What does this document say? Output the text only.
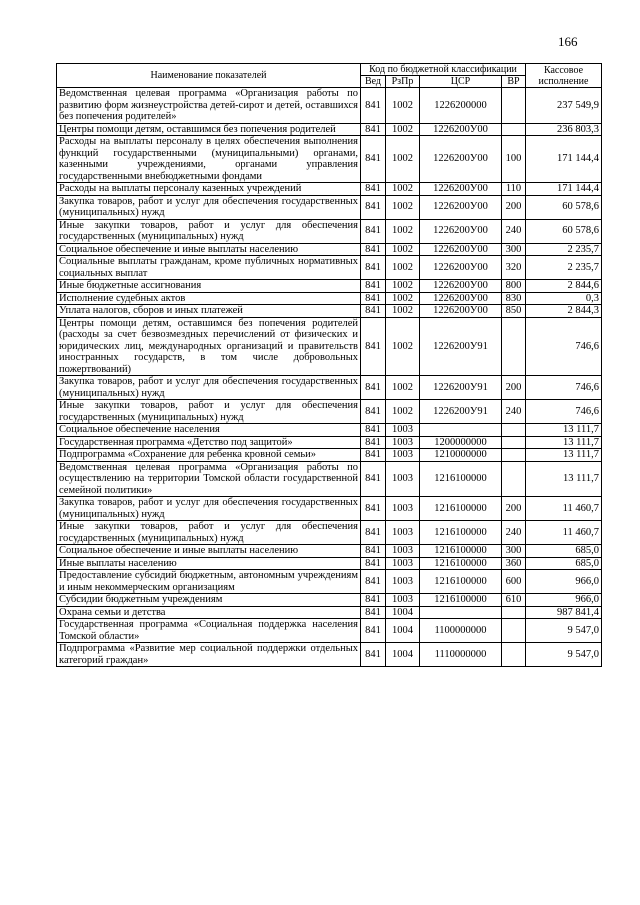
166
Наименование показателей	Код по бюджетной классификации				Кассовое исполнение
	Вед	РзПр	ЦСР	ВР	
Ведомственная целевая программа «Организация работы по развитию форм жизнеустройства детей-сирот и детей, оставшихся без попечения родителей»	841	1002	1226200000		237 549,9
Центры помощи детям, оставшимся без попечения родителей	841	1002	1226200У00		236 803,3
Расходы на выплаты персоналу в целях обеспечения выполнения функций государственными (муниципальными) органами, казенными учреждениями, органами управления государственными внебюджетными фондами	841	1002	1226200У00	100	171 144,4
Расходы на выплаты персоналу казенных учреждений	841	1002	1226200У00	110	171 144,4
Закупка товаров, работ и услуг для обеспечения государственных (муниципальных) нужд	841	1002	1226200У00	200	60 578,6
Иные закупки товаров, работ и услуг для обеспечения государственных (муниципальных) нужд	841	1002	1226200У00	240	60 578,6
Социальное обеспечение и иные выплаты населению	841	1002	1226200У00	300	2 235,7
Социальные выплаты гражданам, кроме публичных нормативных социальных выплат	841	1002	1226200У00	320	2 235,7
Иные бюджетные ассигнования	841	1002	1226200У00	800	2 844,6
Исполнение судебных актов	841	1002	1226200У00	830	0,3
Уплата налогов, сборов и иных платежей	841	1002	1226200У00	850	2 844,3
Центры помощи детям, оставшимся без попечения родителей (расходы за счет безвозмездных перечислений от физических и юридических лиц, международных организаций и правительств иностранных государств, в том числе добровольных пожертвований)	841	1002	1226200У91		746,6
Закупка товаров, работ и услуг для обеспечения государственных (муниципальных) нужд	841	1002	1226200У91	200	746,6
Иные закупки товаров, работ и услуг для обеспечения государственных (муниципальных) нужд	841	1002	1226200У91	240	746,6
Социальное обеспечение населения	841	1003			13 111,7
Государственная программа «Детство под защитой»	841	1003	1200000000		13 111,7
Подпрограмма «Сохранение для ребенка кровной семьи»	841	1003	1210000000		13 111,7
Ведомственная целевая программа «Организация работы по осуществлению на территории Томской области государственной семейной политики»	841	1003	1216100000		13 111,7
Закупка товаров, работ и услуг для обеспечения государственных (муниципальных) нужд	841	1003	1216100000	200	11 460,7
Иные закупки товаров, работ и услуг для обеспечения государственных (муниципальных) нужд	841	1003	1216100000	240	11 460,7
Социальное обеспечение и иные выплаты населению	841	1003	1216100000	300	685,0
Иные выплаты населению	841	1003	1216100000	360	685,0
Предоставление субсидий бюджетным, автономным учреждениям и иным некоммерческим организациям	841	1003	1216100000	600	966,0
Субсидии бюджетным учреждениям	841	1003	1216100000	610	966,0
Охрана семьи и детства	841	1004			987 841,4
Государственная программа «Социальная поддержка населения Томской области»	841	1004	1100000000		9 547,0
Подпрограмма «Развитие мер социальной поддержки отдельных категорий граждан»	841	1004	1110000000		9 547,0
